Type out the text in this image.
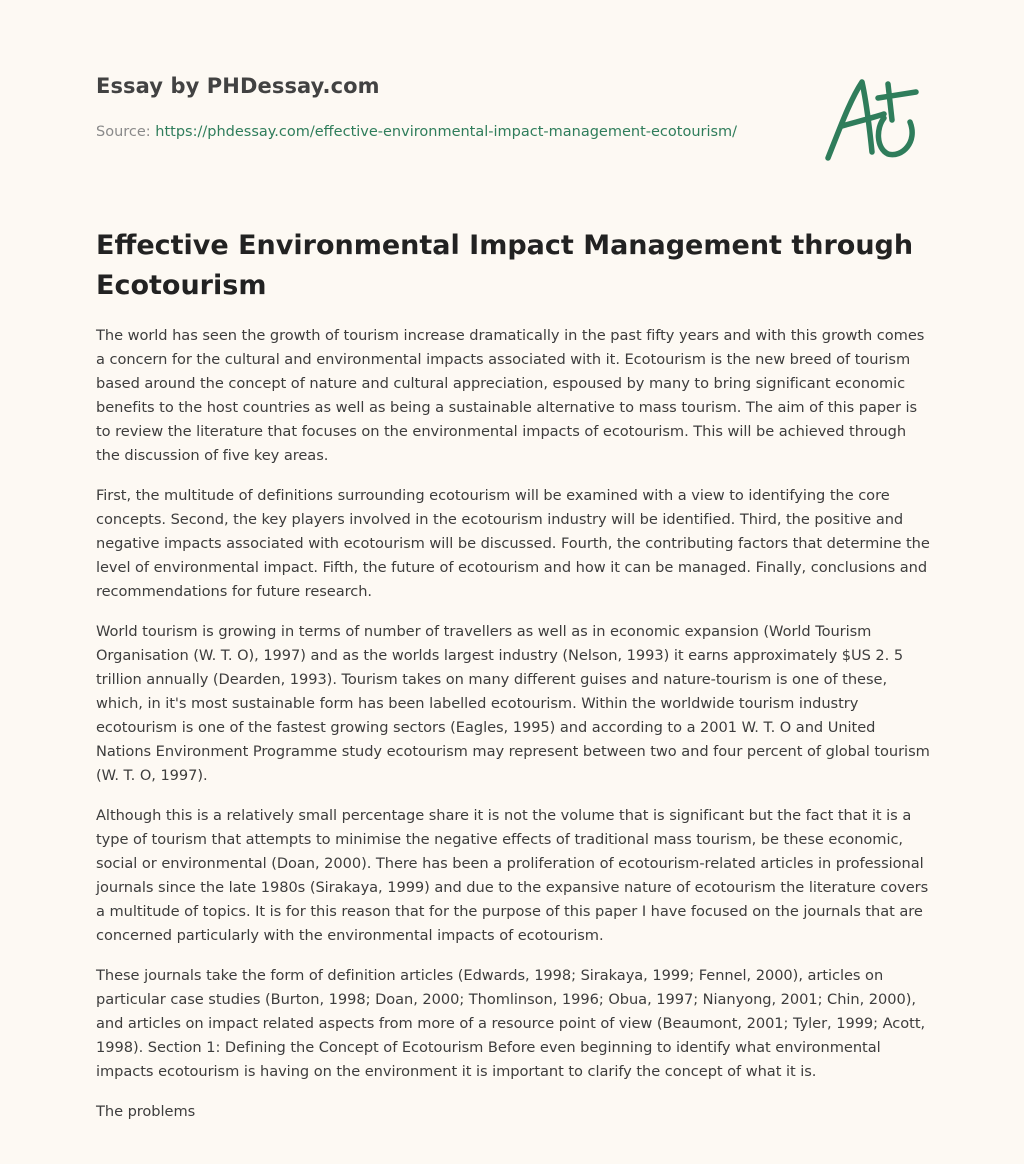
Essay by PHDessay.com
Source: https://phdessay.com/effective-environmental-impact-management-ecotourism/
Effective Environmental Impact Management through Ecotourism

The world has seen the growth of tourism increase dramatically in the past fifty years and with this growth comes a concern for the cultural and environmental impacts associated with it. Ecotourism is the new breed of tourism based around the concept of nature and cultural appreciation, espoused by many to bring significant economic benefits to the host countries as well as being a sustainable alternative to mass tourism. The aim of this paper is to review the literature that focuses on the environmental impacts of ecotourism. This will be achieved through the discussion of five key areas.

First, the multitude of definitions surrounding ecotourism will be examined with a view to identifying the core concepts. Second, the key players involved in the ecotourism industry will be identified. Third, the positive and negative impacts associated with ecotourism will be discussed. Fourth, the contributing factors that determine the level of environmental impact. Fifth, the future of ecotourism and how it can be managed. Finally, conclusions and recommendations for future research.

World tourism is growing in terms of number of travellers as well as in economic expansion (World Tourism Organisation (W. T. O), 1997) and as the worlds largest industry (Nelson, 1993) it earns approximately $US 2. 5 trillion annually (Dearden, 1993). Tourism takes on many different guises and nature-tourism is one of these, which, in it's most sustainable form has been labelled ecotourism. Within the worldwide tourism industry ecotourism is one of the fastest growing sectors (Eagles, 1995) and according to a 2001 W. T. O and United Nations Environment Programme study ecotourism may represent between two and four percent of global tourism (W. T. O, 1997).

Although this is a relatively small percentage share it is not the volume that is significant but the fact that it is a type of tourism that attempts to minimise the negative effects of traditional mass tourism, be these economic, social or environmental (Doan, 2000). There has been a proliferation of ecotourism-related articles in professional journals since the late 1980s (Sirakaya, 1999) and due to the expansive nature of ecotourism the literature covers a multitude of topics. It is for this reason that for the purpose of this paper I have focused on the journals that are concerned particularly with the environmental impacts of ecotourism.

These journals take the form of definition articles (Edwards, 1998; Sirakaya, 1999; Fennel, 2000), articles on particular case studies (Burton, 1998; Doan, 2000; Thomlinson, 1996; Obua, 1997; Nianyong, 2001; Chin, 2000), and articles on impact related aspects from more of a resource point of view (Beaumont, 2001; Tyler, 1999; Acott, 1998). Section 1: Defining the Concept of Ecotourism Before even beginning to identify what environmental impacts ecotourism is having on the environment it is important to clarify the concept of what it is.

The problems
